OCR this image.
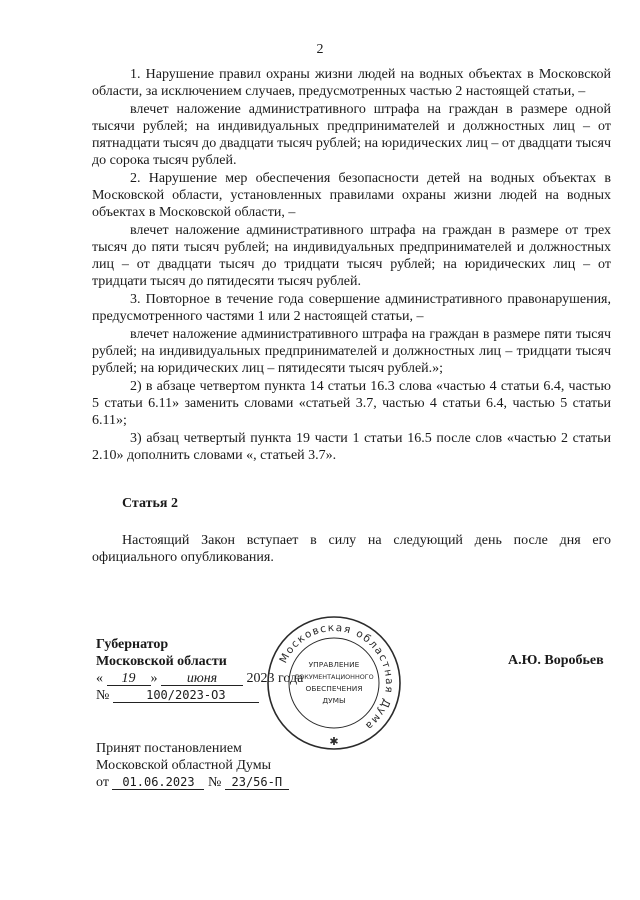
2

1. Нарушение правил охраны жизни людей на водных объектах в Московской области, за исключением случаев, предусмотренных частью 2 настоящей статьи, –

влечет наложение административного штрафа на граждан в размере одной тысячи рублей; на индивидуальных предпринимателей и должностных лиц – от пятнадцати тысяч до двадцати тысяч рублей; на юридических лиц – от двадцати тысяч до сорока тысяч рублей.

2. Нарушение мер обеспечения безопасности детей на водных объектах в Московской области, установленных правилами охраны жизни людей на водных объектах в Московской области, –

влечет наложение административного штрафа на граждан в размере от трех тысяч до пяти тысяч рублей; на индивидуальных предпринимателей и должностных лиц – от двадцати тысяч до тридцати тысяч рублей; на юридических лиц – от тридцати тысяч до пятидесяти тысяч рублей.

3. Повторное в течение года совершение административного правонарушения, предусмотренного частями 1 или 2 настоящей статьи, –

влечет наложение административного штрафа на граждан в размере пяти тысяч рублей; на индивидуальных предпринимателей и должностных лиц – тридцати тысяч рублей; на юридических лиц – пятидесяти тысяч рублей.»;

2) в абзаце четвертом пункта 14 статьи 16.3 слова «частью 4 статьи 6.4, частью 5 статьи 6.11» заменить словами «статьей 3.7, частью 4 статьи 6.4, частью 5 статьи 6.11»;

3) абзац четвертый пункта 19 части 1 статьи 16.5 после слов «частью 2 статьи 2.10» дополнить словами «, статьей 3.7».

Статья 2
Настоящий Закон вступает в силу на следующий день после дня его официального опубликования.
Губернатор
Московской области
« 19 » июня 2023 года
№	100/2023-ОЗ
А.Ю. Воробьев
Принят постановлением
Московской областной Думы
от 01.06.2023 № 23/56-П
Московская областная Дума
УПРАВЛЕНИЕ
ДОКУМЕНТАЦИОННОГО
ОБЕСПЕЧЕНИЯ
ДУМЫ
✱
